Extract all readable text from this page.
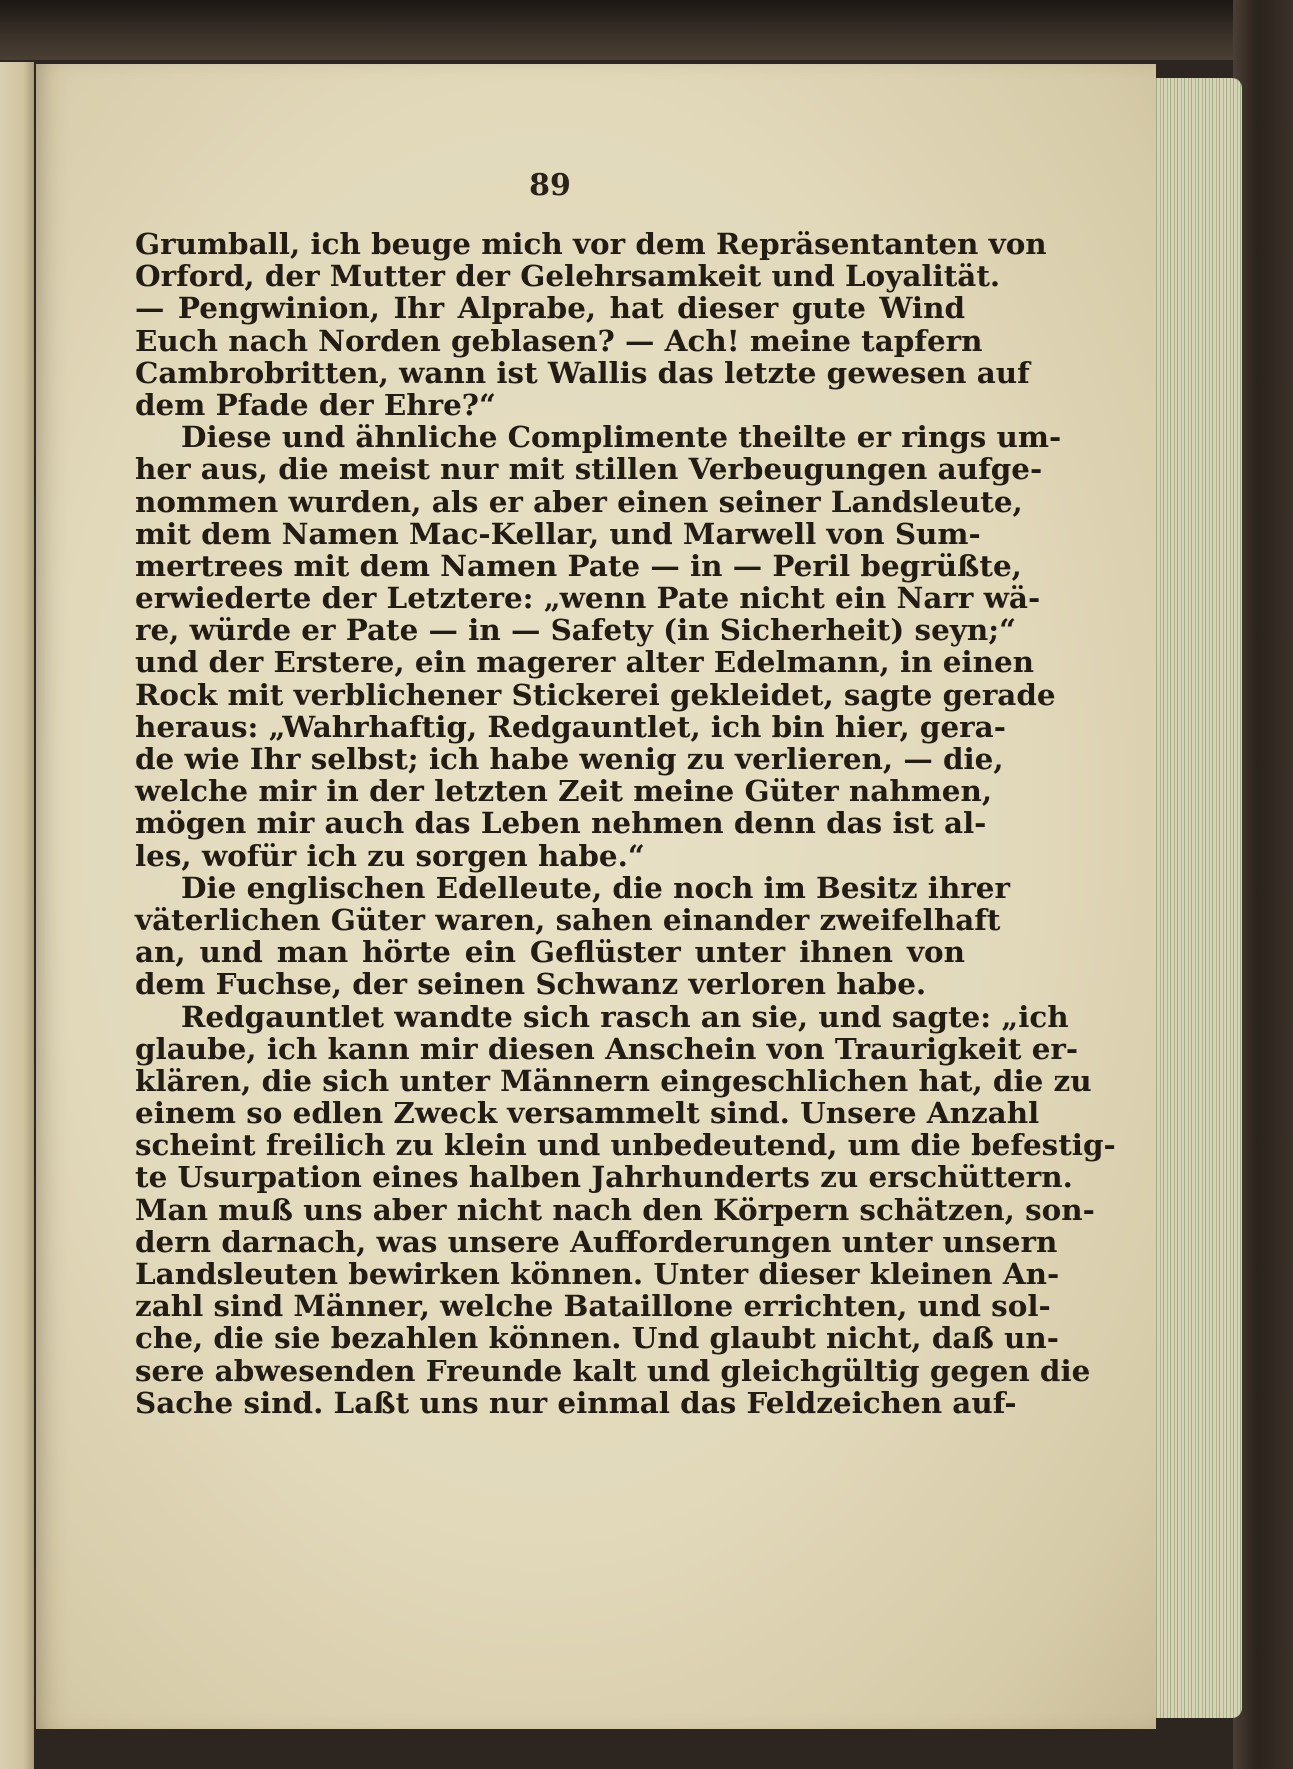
89
Grumball, ich beuge mich vor dem Repräsentanten von
Orford, der Mutter der Gelehrsamkeit und Loyalität.
— Pengwinion, Ihr Alprabe, hat dieser gute Wind
Euch nach Norden geblasen? — Ach! meine tapfern
Cambrobritten, wann ist Wallis das letzte gewesen auf
dem Pfade der Ehre?“
Diese und ähnliche Complimente theilte er rings um-
her aus, die meist nur mit stillen Verbeugungen aufge-
nommen wurden, als er aber einen seiner Landsleute,
mit dem Namen Mac-Kellar, und Marwell von Sum-
mertrees mit dem Namen Pate — in — Peril begrüßte,
erwiederte der Letztere: „wenn Pate nicht ein Narr wä-
re, würde er Pate — in — Safety (in Sicherheit) seyn;“
und der Erstere, ein magerer alter Edelmann, in einen
Rock mit verblichener Stickerei gekleidet, sagte gerade
heraus: „Wahrhaftig, Redgauntlet, ich bin hier, gera-
de wie Ihr selbst; ich habe wenig zu verlieren, — die,
welche mir in der letzten Zeit meine Güter nahmen,
mögen mir auch das Leben nehmen denn das ist al-
les, wofür ich zu sorgen habe.“
Die englischen Edelleute, die noch im Besitz ihrer
väterlichen Güter waren, sahen einander zweifelhaft
an, und man hörte ein Geflüster unter ihnen von
dem Fuchse, der seinen Schwanz verloren habe.
Redgauntlet wandte sich rasch an sie, und sagte: „ich
glaube, ich kann mir diesen Anschein von Traurigkeit er-
klären, die sich unter Männern eingeschlichen hat, die zu
einem so edlen Zweck versammelt sind. Unsere Anzahl
scheint freilich zu klein und unbedeutend, um die befestig-
te Usurpation eines halben Jahrhunderts zu erschüttern.
Man muß uns aber nicht nach den Körpern schätzen, son-
dern darnach, was unsere Aufforderungen unter unsern
Landsleuten bewirken können. Unter dieser kleinen An-
zahl sind Männer, welche Bataillone errichten, und sol-
che, die sie bezahlen können. Und glaubt nicht, daß un-
sere abwesenden Freunde kalt und gleichgültig gegen die
Sache sind. Laßt uns nur einmal das Feldzeichen auf-
